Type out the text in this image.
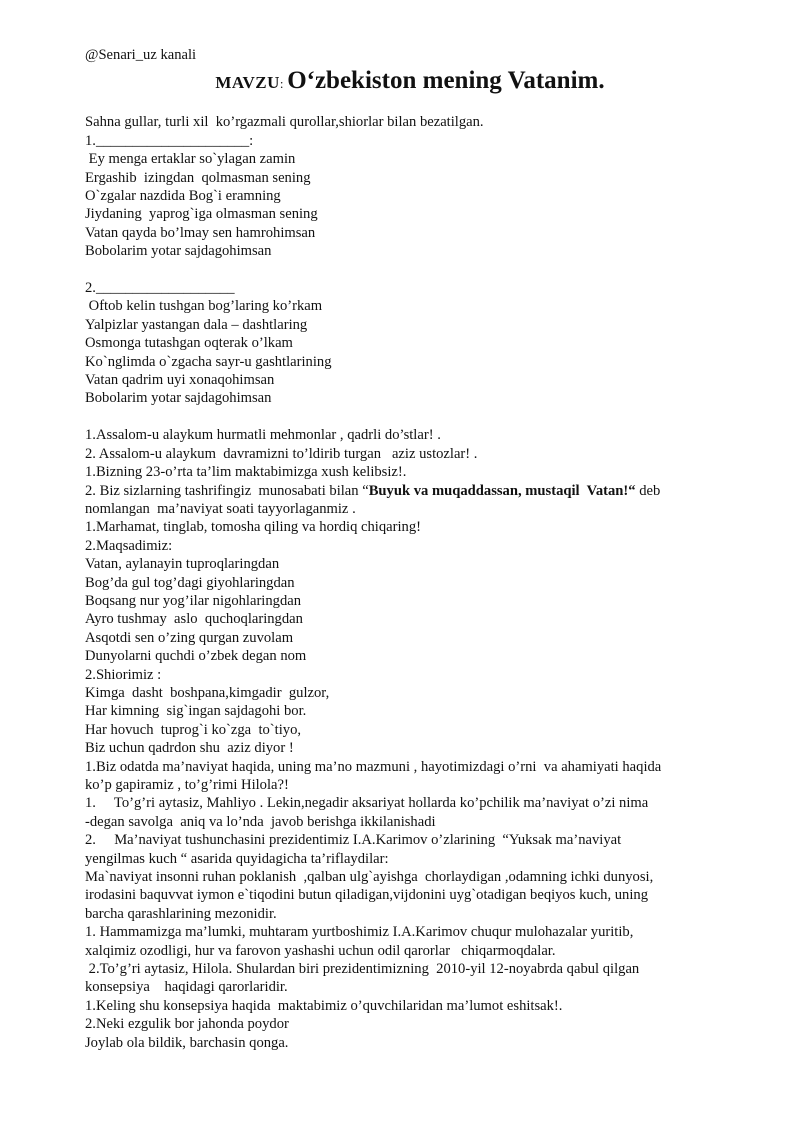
@Senari_uz kanali
MAVZU: O‘zbekiston mening Vatanim.
Sahna gullar, turli xil  ko’rgazmali qurollar,shiorlar bilan bezatilgan.
1._____________________:
Ey menga ertaklar so`ylagan zamin
Ergashib  izingdan  qolmasman sening
O`zgalar nazdida Bog`i eramning
Jiydaning  yaprog`iga olmasman sening
Vatan qayda bo’lmay sen hamrohimsan
Bobolarim yotar sajdagohimsan
2.___________________
Oftob kelin tushgan bog’laring ko’rkam
Yalpizlar yastangan dala – dashtlaring
Osmonga tutashgan oqterak o’lkam
Ko`nglimda o`zgacha sayr-u gashtlarining
Vatan qadrim uyi xonaqohimsan
Bobolarim yotar sajdagohimsan
1.Assalom-u alaykum hurmatli mehmonlar , qadrli do’stlar! .
2. Assalom-u alaykum  davramizni to’ldirib turgan   aziz ustozlar! .
1.Bizning 23-o’rta ta’lim maktabimizga xush kelibsiz!.
2. Biz sizlarning tashrifingiz  munosabati bilan “Buyuk va muqaddassan, mustaqil  Vatan!“ deb
nomlangan  ma’naviyat soati tayyorlaganmiz .
1.Marhamat, tinglab, tomosha qiling va hordiq chiqaring!
2.Maqsadimiz:
Vatan, aylanayin tuproqlaringdan
Bog’da gul tog’dagi giyohlaringdan
Boqsang nur yog’ilar nigohlaringdan
Ayro tushmay  aslo  quchoqlaringdan
Asqotdi sen o’zing qurgan zuvolam
Dunyolarni quchdi o’zbek degan nom
2.Shiorimiz :
Kimga  dasht  boshpana,kimgadir  gulzor,
Har kimning  sig`ingan sajdagohi bor.
Har hovuch  tuprog`i ko`zga  to`tiyo,
Biz uchun qadrdon shu  aziz diyor !
1.Biz odatda ma’naviyat haqida, uning ma’no mazmuni , hayotimizdagi o’rni  va ahamiyati haqida
ko’p gapiramiz , to’g’rimi Hilola?!
1.     To’g’ri aytasiz, Mahliyo . Lekin,negadir aksariyat hollarda ko’pchilik ma’naviyat o’zi nima
-degan savolga  aniq va lo’nda  javob berishga ikkilanishadi
2.     Ma’naviyat tushunchasini prezidentimiz I.A.Karimov o’zlarining  “Yuksak ma’naviyat
yengilmas kuch “ asarida quyidagicha ta’riflaydilar:
Ma`naviyat insonni ruhan poklanish  ,qalban ulg`ayishga  chorlaydigan ,odamning ichki dunyosi,
irodasini baquvvat iymon e`tiqodini butun qiladigan,vijdonini uyg`otadigan beqiyos kuch, uning
barcha qarashlarining mezonidir.
1. Hammamizga ma’lumki, muhtaram yurtboshimiz I.A.Karimov chuqur mulohazalar yuritib,
xalqimiz ozodligi, hur va farovon yashashi uchun odil qarorlar   chiqarmoqdalar.
2.To’g’ri aytasiz, Hilola. Shulardan biri prezidentimizning  2010-yil 12-noyabrda qabul qilgan
konsepsiya    haqidagi qarorlaridir.
1.Keling shu konsepsiya haqida  maktabimiz o’quvchilaridan ma’lumot eshitsak!.
2.Neki ezgulik bor jahonda poydor
Joylab ola bildik, barchasin qonga.
